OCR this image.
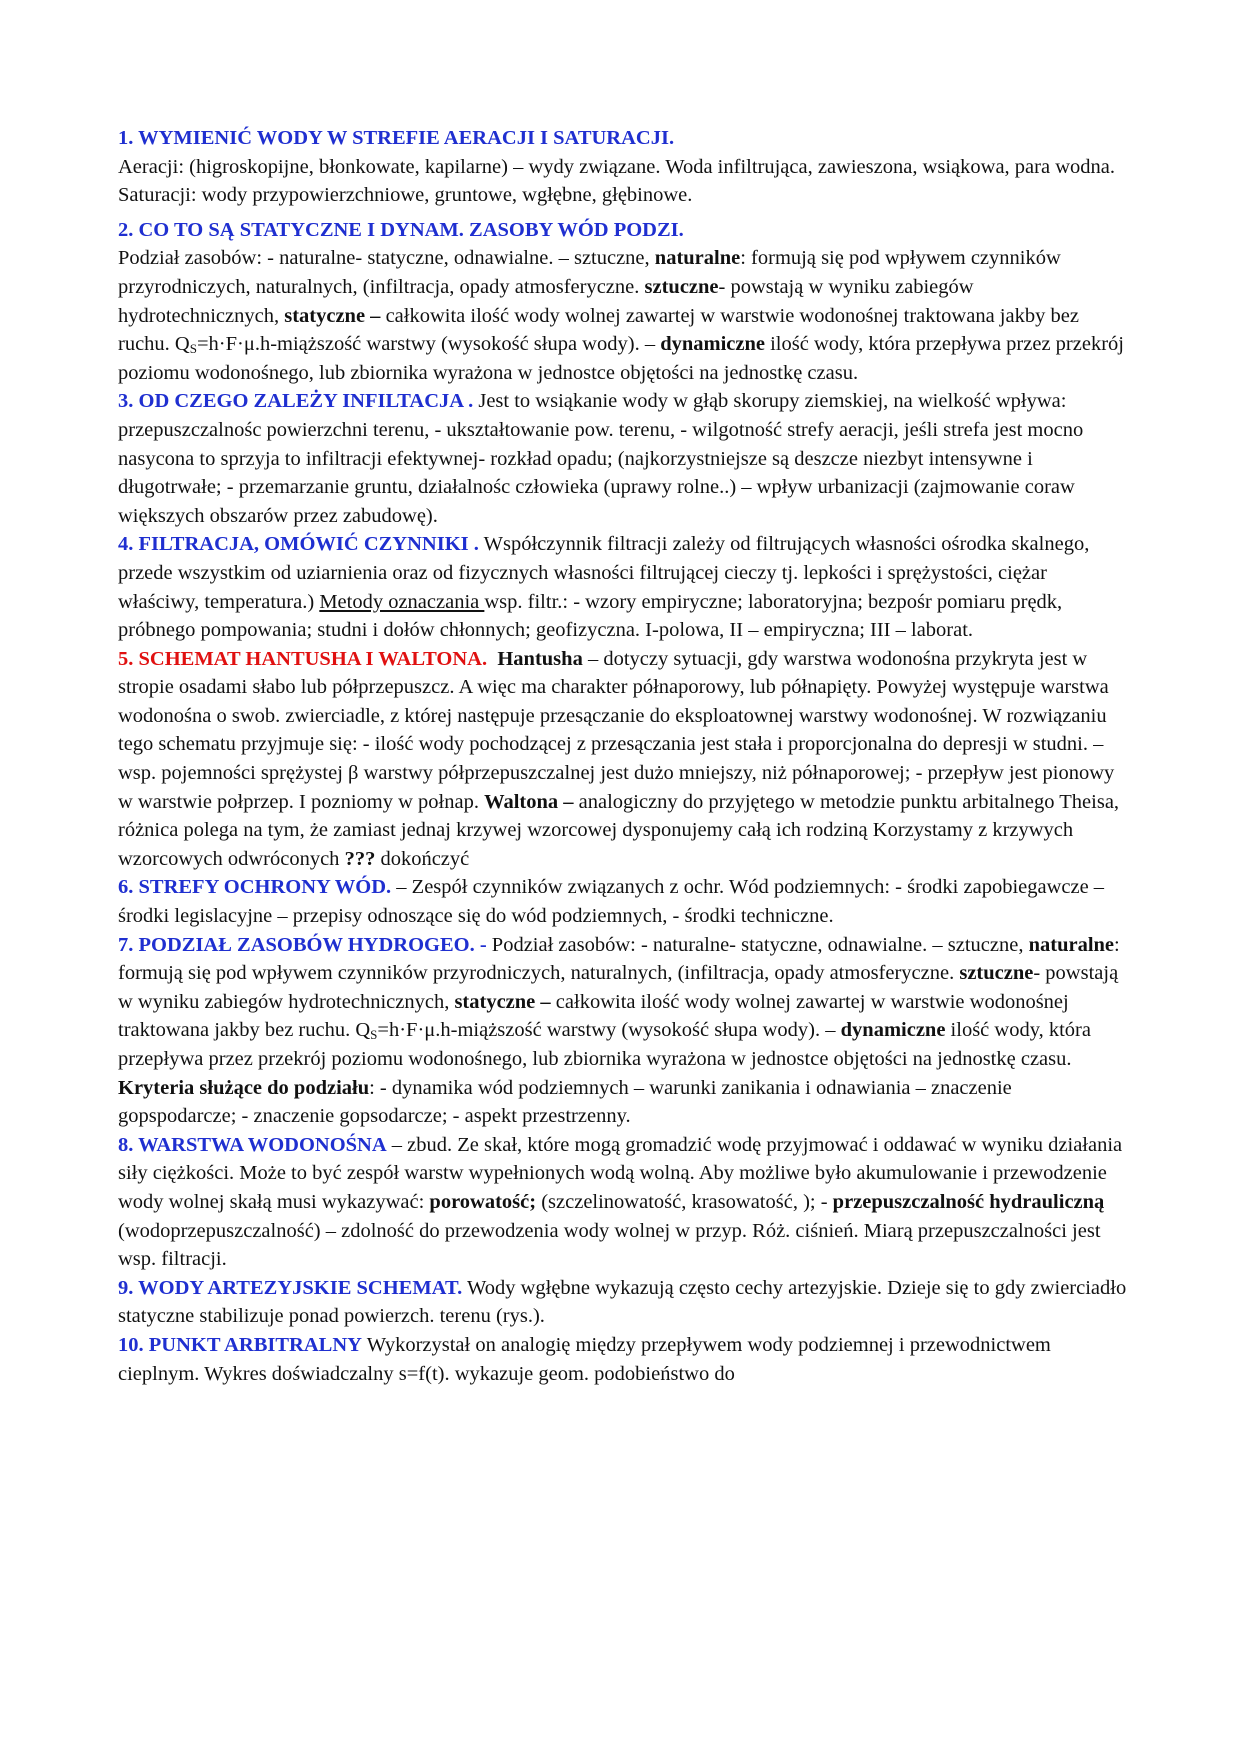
1. WYMIENIĆ WODY W STREFIE AERACJI I SATURACJI.
Aeracji: (higroskopijne, błonkowate, kapilarne) – wydy związane. Woda infiltrująca, zawieszona, wsiąkowa, para wodna. Saturacji: wody przypowierzchniowe, gruntowe, wgłębne, głębinowe.

2. CO TO SĄ STATYCZNE I DYNAM. ZASOBY WÓD PODZI.
Podział zasobów: - naturalne- statyczne, odnawialne. – sztuczne, naturalne: formują się pod wpływem czynników przyrodniczych, naturalnych, (infiltracja, opady atmosferyczne. sztuczne- powstają w wyniku zabiegów hydrotechnicznych, statyczne – całkowita ilość wody wolnej zawartej w warstwie wodonośnej traktowana jakby bez ruchu. $Q_S=h\cdot F\cdot\mu.h$-miąższość warstwy (wysokość słupa wody). – dynamiczne ilość wody, która przepływa przez przekrój poziomu wodonośnego, lub zbiornika wyrażona w jednostce objętości na jednostkę czasu.

3. OD CZEGO ZALEŻY INFILTACJA . Jest to wsiąkanie wody w głąb skorupy ziemskiej, na wielkość wpływa: przepuszczalnośc powierzchni terenu, - ukształtowanie pow. terenu, - wilgotność strefy aeracji, jeśli strefa jest mocno nasycona to sprzyja to infiltracji efektywnej- rozkład opadu; (najkorzystniejsze są deszcze niezbyt intensywne i długotrwałe; - przemarzanie gruntu, działalnośc człowieka (uprawy rolne..) – wpływ urbanizacji (zajmowanie coraw większych obszarów przez zabudowę).

4. FILTRACJA, OMÓWIĆ CZYNNIKI . Współczynnik filtracji zależy od filtrujących własności ośrodka skalnego, przede wszystkim od uziarnienia oraz od fizycznych własności filtrującej cieczy tj. lepkości i sprężystości, ciężar właściwy, temperatura.) Metody oznaczania wsp. filtr.: - wzory empiryczne; laboratoryjna; bezpośr pomiaru prędk, próbnego pompowania; studni i dołów chłonnych; geofizyczna. I-polowa, II – empiryczna; III – laborat.

5. SCHEMAT HANTUSHA I WALTONA. Hantusha – dotyczy sytuacji, gdy warstwa wodonośna przykryta jest w stropie osadami słabo lub półprzepuszcz. A więc ma charakter półnaporowy, lub półnapięty. Powyżej występuje warstwa wodonośna o swob. zwierciadle, z której następuje przesączanie do eksploatownej warstwy wodonośnej. W rozwiązaniu tego schematu przyjmuje się: - ilość wody pochodzącej z przesączania jest stała i proporcjonalna do depresji w studni. – wsp. pojemności sprężystej β warstwy półprzepuszczalnej jest dużo mniejszy, niż półnaporowej; - przepływ jest pionowy w warstwie połprzep. I pozniomy w połnap. Waltona – analogiczny do przyjętego w metodzie punktu arbitalnego Theisa, różnica polega na tym, że zamiast jednaj krzywej wzorcowej dysponujemy całą ich rodziną Korzystamy z krzywych wzorcowych odwróconych ??? dokończyć

6. STREFY OCHRONY WÓD. – Zespół czynników związanych z ochr. Wód podziemnych: - środki zapobiegawcze – środki legislacyjne – przepisy odnoszące się do wód podziemnych, - środki techniczne.

7. PODZIAŁ ZASOBÓW HYDROGEO. - Podział zasobów: - naturalne- statyczne, odnawialne. – sztuczne, naturalne: formują się pod wpływem czynników przyrodniczych, naturalnych, (infiltracja, opady atmosferyczne. sztuczne- powstają w wyniku zabiegów hydrotechnicznych, statyczne – całkowita ilość wody wolnej zawartej w warstwie wodonośnej traktowana jakby bez ruchu. $Q_S=h\cdot F\cdot\mu.h$-miąższość warstwy (wysokość słupa wody). – dynamiczne ilość wody, która przepływa przez przekrój poziomu wodonośnego, lub zbiornika wyrażona w jednostce objętości na jednostkę czasu. Kryteria służące do podziału: - dynamika wód podziemnych – warunki zanikania i odnawiania – znaczenie gopspodarcze; - znaczenie gopsodarcze; - aspekt przestrzenny.

8. WARSTWA WODONOŚNA – zbud. Ze skał, które mogą gromadzić wodę przyjmować i oddawać w wyniku działania siły ciężkości. Może to być zespół warstw wypełnionych wodą wolną. Aby możliwe było akumulowanie i przewodzenie wody wolnej skałą musi wykazywać: porowatość; (szczelinowatość, krasowatość, ); - przepuszczalność hydrauliczną (wodoprzepuszczalność) – zdolność do przewodzenia wody wolnej w przyp. Róż. ciśnień. Miarą przepuszczalności jest wsp. filtracji.

9. WODY ARTEZYJSKIE SCHEMAT. Wody wgłębne wykazują często cechy artezyjskie. Dzieje się to gdy zwierciadło statyczne stabilizuje ponad powierzch. terenu (rys.).

10. PUNKT ARBITRALNY Wykorzystał on analogię między przepływem wody podziemnej i przewodnictwem cieplnym. Wykres doświadczalny s=f(t). wykazuje geom. podobieństwo do
